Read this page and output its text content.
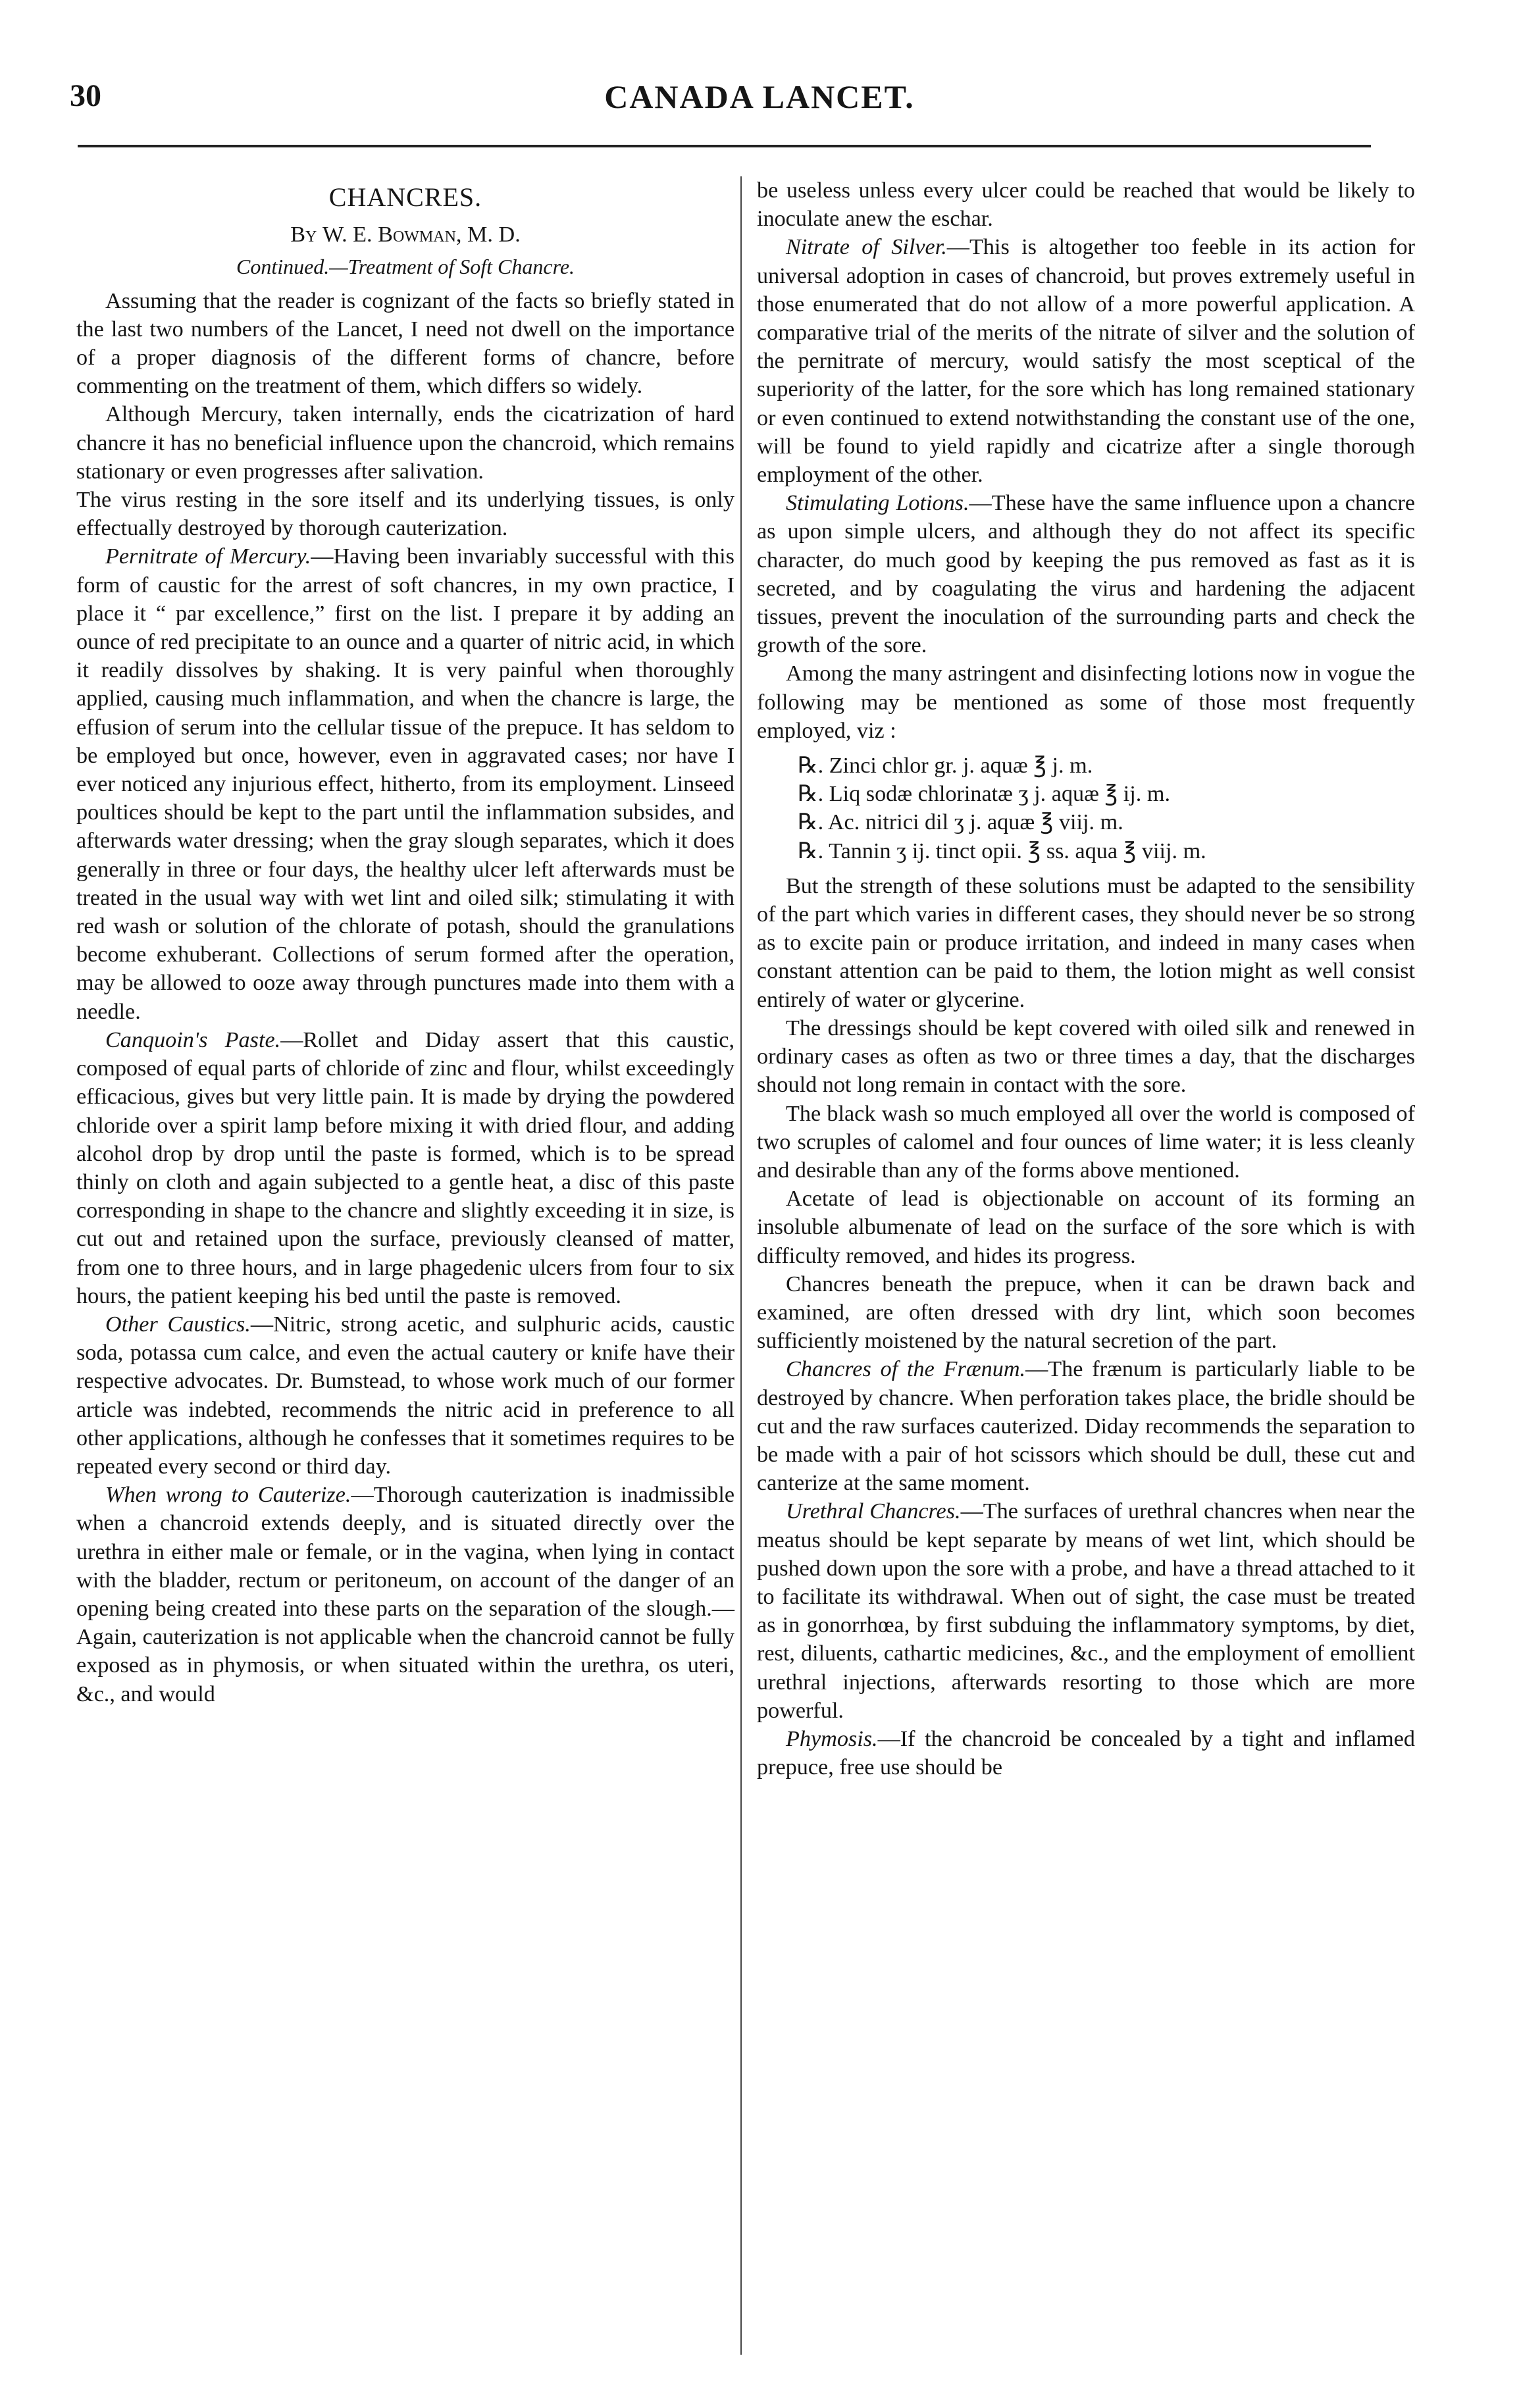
30	CANADA LANCET.
CHANCRES.
By W. E. Bowman, M. D.
Continued.—Treatment of Soft Chancre.

Assuming that the reader is cognizant of the facts so briefly stated in the last two numbers of the Lancet, I need not dwell on the importance of a proper diagnosis of the different forms of chancre, before commenting on the treatment of them, which differs so widely.

Although Mercury, taken internally, ends the cicatrization of hard chancre it has no beneficial influence upon the chancroid, which remains stationary or even progresses after salivation.

The virus resting in the sore itself and its underlying tissues, is only effectually destroyed by thorough cauterization.

Pernitrate of Mercury.—Having been invariably successful with this form of caustic for the arrest of soft chancres, in my own practice, I place it “ par excellence,” first on the list. I prepare it by adding an ounce of red precipitate to an ounce and a quarter of nitric acid, in which it readily dissolves by shaking. It is very painful when thoroughly applied, causing much inflammation, and when the chancre is large, the effusion of serum into the cellular tissue of the prepuce. It has seldom to be employed but once, however, even in aggravated cases; nor have I ever noticed any injurious effect, hitherto, from its employment. Linseed poultices should be kept to the part until the inflammation subsides, and afterwards water dressing; when the gray slough separates, which it does generally in three or four days, the healthy ulcer left afterwards must be treated in the usual way with wet lint and oiled silk; stimulating it with red wash or solution of the chlorate of potash, should the granulations become exhuberant. Collections of serum formed after the operation, may be allowed to ooze away through punctures made into them with a needle.

Canquoin's Paste.—Rollet and Diday assert that this caustic, composed of equal parts of chloride of zinc and flour, whilst exceedingly efficacious, gives but very little pain. It is made by drying the powdered chloride over a spirit lamp before mixing it with dried flour, and adding alcohol drop by drop until the paste is formed, which is to be spread thinly on cloth and again subjected to a gentle heat, a disc of this paste corresponding in shape to the chancre and slightly exceeding it in size, is cut out and retained upon the surface, previously cleansed of matter, from one to three hours, and in large phagedenic ulcers from four to six hours, the patient keeping his bed until the paste is removed.

Other Caustics.—Nitric, strong acetic, and sulphuric acids, caustic soda, potassa cum calce, and even the actual cautery or knife have their respective advocates. Dr. Bumstead, to whose work much of our former article was indebted, recommends the nitric acid in preference to all other applications, although he confesses that it sometimes requires to be repeated every second or third day.

When wrong to Cauterize.—Thorough cauterization is inadmissible when a chancroid extends deeply, and is situated directly over the urethra in either male or female, or in the vagina, when lying in contact with the bladder, rectum or peritoneum, on account of the danger of an opening being created into these parts on the separation of the slough.— Again, cauterization is not applicable when the chancroid cannot be fully exposed as in phymosis, or when situated within the urethra, os uteri, &c., and would

be useless unless every ulcer could be reached that would be likely to inoculate anew the eschar.

Nitrate of Silver.—This is altogether too feeble in its action for universal adoption in cases of chancroid, but proves extremely useful in those enumerated that do not allow of a more powerful application. A comparative trial of the merits of the nitrate of silver and the solution of the pernitrate of mercury, would satisfy the most sceptical of the superiority of the latter, for the sore which has long remained stationary or even continued to extend notwithstanding the constant use of the one, will be found to yield rapidly and cicatrize after a single thorough employment of the other.

Stimulating Lotions.—These have the same influence upon a chancre as upon simple ulcers, and although they do not affect its specific character, do much good by keeping the pus removed as fast as it is secreted, and by coagulating the virus and hardening the adjacent tissues, prevent the inoculation of the surrounding parts and check the growth of the sore.

Among the many astringent and disinfecting lotions now in vogue the following may be mentioned as some of those most frequently employed, viz :

℞. Zinci chlor gr. j. aquæ ℥ j. m.
℞. Liq sodæ chlorinatæ ʒ j. aquæ ℥ ij. m.
℞. Ac. nitrici dil ʒ j. aquæ ℥ viij. m.
℞. Tannin ʒ ij. tinct opii. ℥ ss. aqua ℥ viij. m.

But the strength of these solutions must be adapted to the sensibility of the part which varies in different cases, they should never be so strong as to excite pain or produce irritation, and indeed in many cases when constant attention can be paid to them, the lotion might as well consist entirely of water or glycerine.

The dressings should be kept covered with oiled silk and renewed in ordinary cases as often as two or three times a day, that the discharges should not long remain in contact with the sore.

The black wash so much employed all over the world is composed of two scruples of calomel and four ounces of lime water; it is less cleanly and desirable than any of the forms above mentioned.

Acetate of lead is objectionable on account of its forming an insoluble albumenate of lead on the surface of the sore which is with difficulty removed, and hides its progress.

Chancres beneath the prepuce, when it can be drawn back and examined, are often dressed with dry lint, which soon becomes sufficiently moistened by the natural secretion of the part.

Chancres of the Frænum.—The frænum is particularly liable to be destroyed by chancre. When perforation takes place, the bridle should be cut and the raw surfaces cauterized. Diday recommends the separation to be made with a pair of hot scissors which should be dull, these cut and canterize at the same moment.

Urethral Chancres.—The surfaces of urethral chancres when near the meatus should be kept separate by means of wet lint, which should be pushed down upon the sore with a probe, and have a thread attached to it to facilitate its withdrawal. When out of sight, the case must be treated as in gonorrhœa, by first subduing the inflammatory symptoms, by diet, rest, diluents, cathartic medicines, &c., and the employment of emollient urethral injections, afterwards resorting to those which are more powerful.

Phymosis.—If the chancroid be concealed by a tight and inflamed prepuce, free use should be
